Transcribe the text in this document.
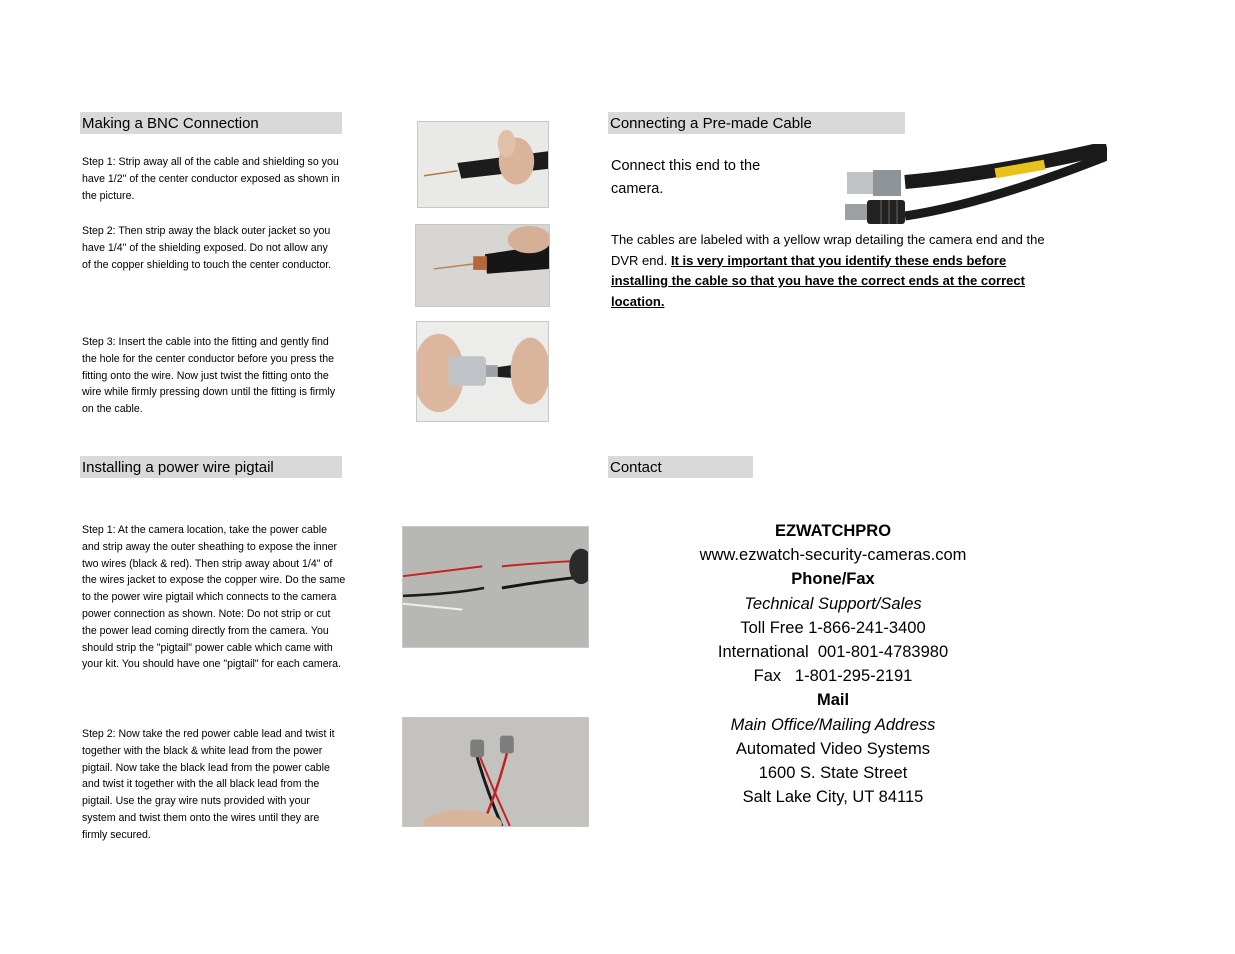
Making a BNC Connection
Step 1: Strip away all of the cable and shielding so you have 1/2" of the center conductor exposed as shown in the picture.
Step 2: Then strip away the black outer jacket so you have 1/4" of the shielding exposed. Do not allow any of the copper shielding to touch the center conductor.
Step 3: Insert the cable into the fitting and gently find the hole for the center conductor before you press the fitting onto the wire. Now just twist the fitting onto the wire while firmly pressing down until the fitting is firmly on the cable.
Installing a power wire pigtail
Step 1: At the camera location, take the power cable and strip away the outer sheathing to expose the inner two wires (black & red). Then strip away about 1/4" of the wires jacket to expose the copper wire. Do the same to the power wire pigtail which connects to the camera power connection as shown. Note: Do not strip or cut the power lead coming directly from the camera. You should strip the "pigtail" power cable which came with your kit. You should have one "pigtail" for each camera.
Step 2: Now take the red power cable lead and twist it together with the black & white lead from the power pigtail. Now take the black lead from the power cable and twist it together with the all black lead from the pigtail. Use the gray wire nuts provided with your system and twist them onto the wires until they are firmly secured.
Connecting a Pre-made Cable
Connect this end to the camera.
The cables are labeled with a yellow wrap detailing the camera end and the DVR end. It is very important that you identify these ends before installing the cable so that you have the correct ends at the correct location.
Contact
EZWATCHPRO
www.ezwatch-security-cameras.com
Phone/Fax
Technical Support/Sales
Toll Free 1-866-241-3400
International  001-801-4783980
Fax   1-801-295-2191
Mail
Main Office/Mailing Address
Automated Video Systems
1600 S. State Street
Salt Lake City, UT 84115
